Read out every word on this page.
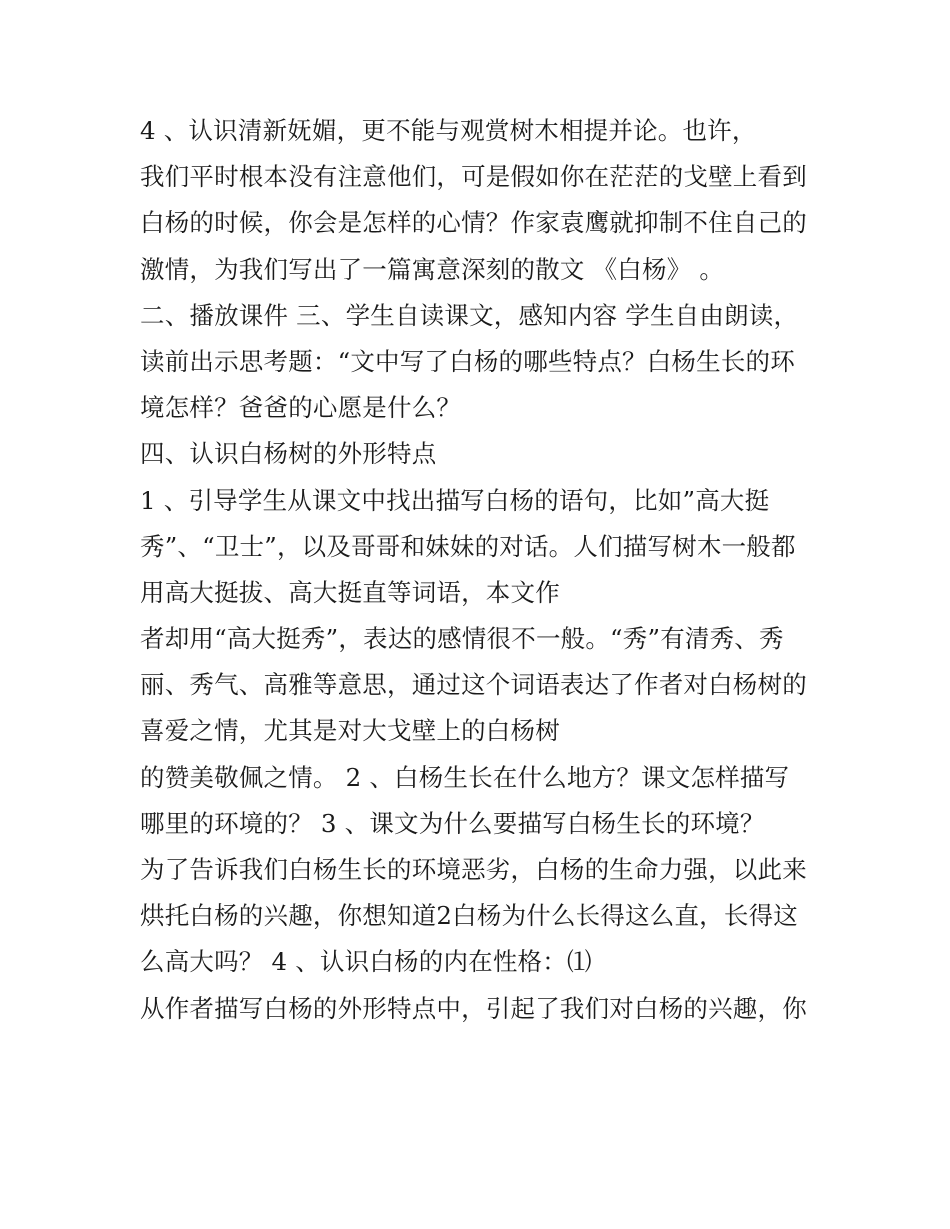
4 、认识清新妩媚，更不能与观赏树木相提并论。也许，
我们平时根本没有注意他们，可是假如你在茫茫的戈壁上看到
白杨的时候，你会是怎样的心情？作家袁鹰就抑制不住自己的
激情，为我们写出了一篇寓意深刻的散文 《白杨》 。
二、播放课件 三、学生自读课文，感知内容 学生自由朗读，
读前出示思考题：“文中写了白杨的哪些特点？白杨生长的环
境怎样？爸爸的心愿是什么？
四、认识白杨树的外形特点
1 、引导学生从课文中找出描写白杨的语句，比如”高大挺
秀”、“卫士”，以及哥哥和妹妹的对话。人们描写树木一般都
用高大挺拔、高大挺直等词语，本文作
者却用“高大挺秀”，表达的感情很不一般。“秀”有清秀、秀
丽、秀气、高雅等意思，通过这个词语表达了作者对白杨树的
喜爱之情，尤其是对大戈壁上的白杨树
的赞美敬佩之情。 2 、白杨生长在什么地方？课文怎样描写
哪里的环境的？ 3 、课文为什么要描写白杨生长的环境？
为了告诉我们白杨生长的环境恶劣，白杨的生命力强，以此来
烘托白杨的兴趣，你想知道2白杨为什么长得这么直，长得这
么高大吗？ 4 、认识白杨的内在性格：⑴
从作者描写白杨的外形特点中，引起了我们对白杨的兴趣，你
